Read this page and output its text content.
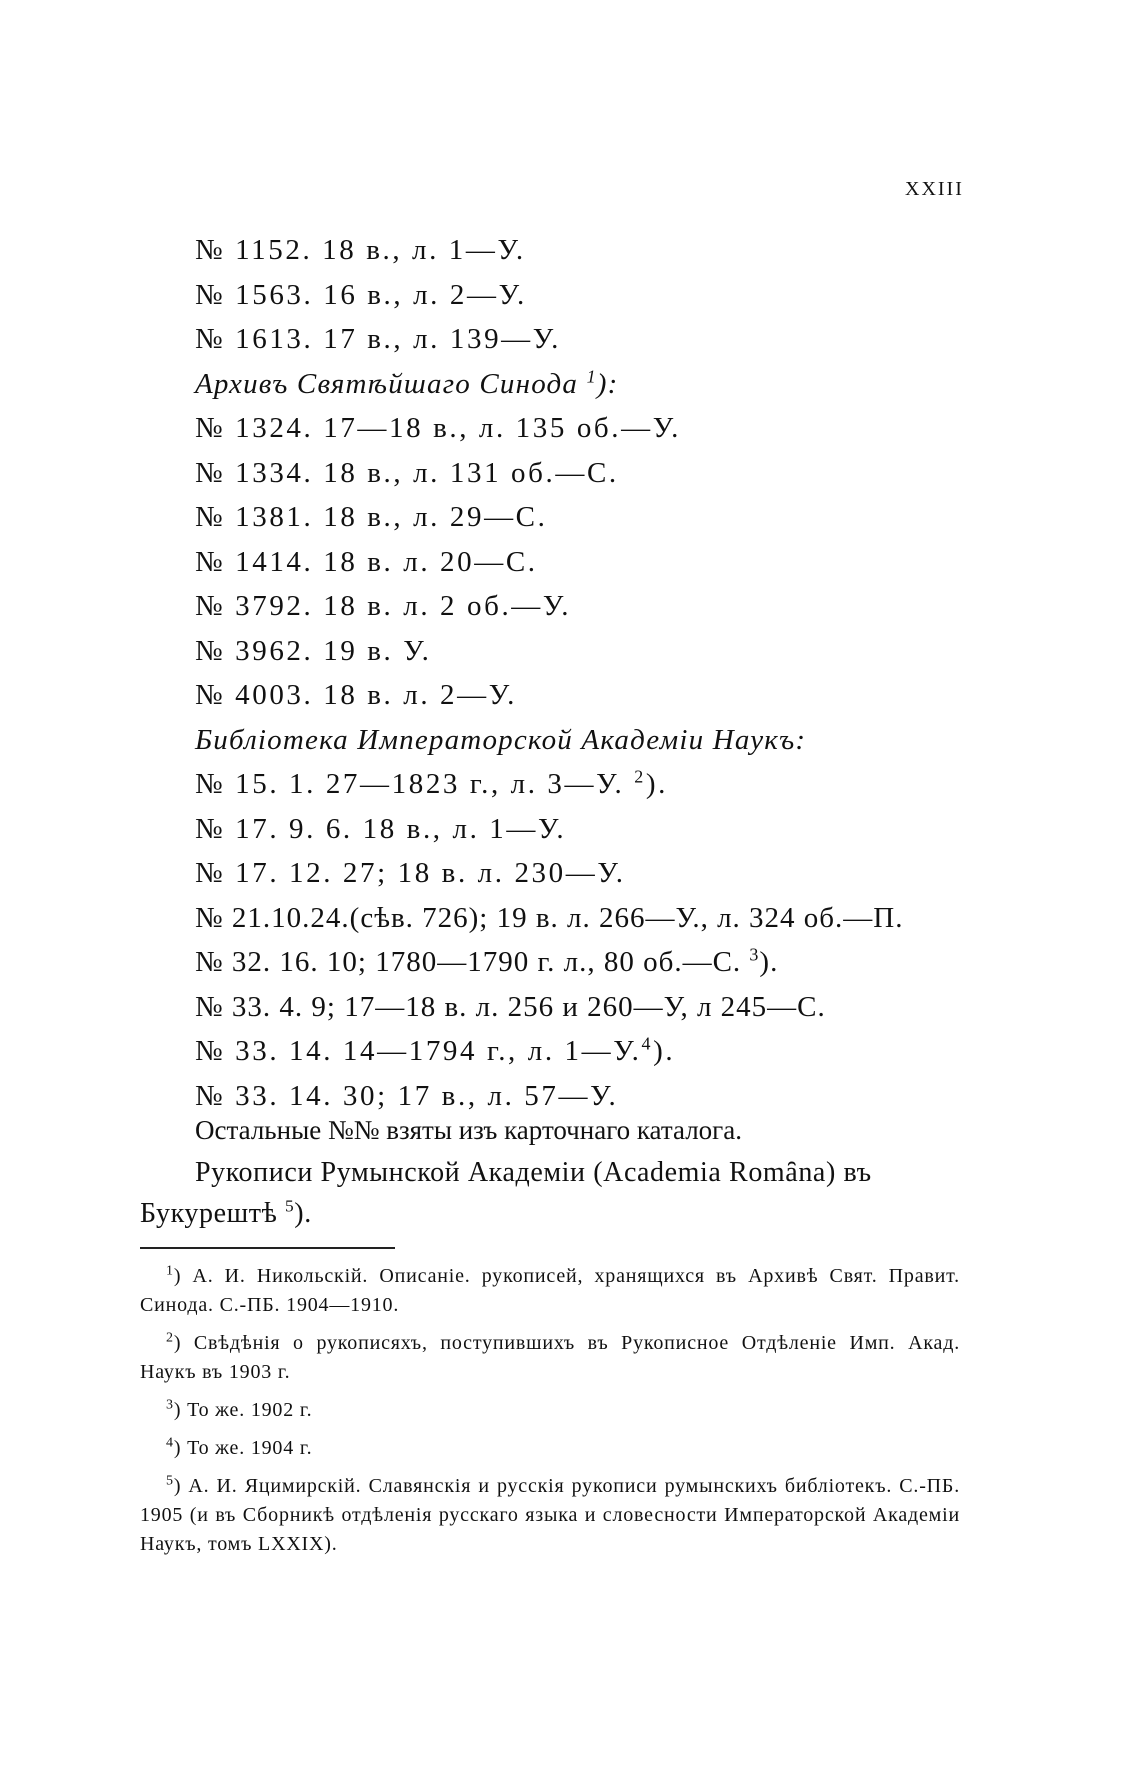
XXIII
№ 1152. 18 в., л. 1—У.
№ 1563. 16 в., л. 2—У.
№ 1613. 17 в., л. 139—У.
Архивъ Святѣйшаго Синода $^1$):
№ 1324. 17—18 в., л. 135 об.—У.
№ 1334. 18 в., л. 131 об.—С.
№ 1381. 18 в., л. 29—С.
№ 1414. 18 в. л. 20—С.
№ 3792. 18 в. л. 2 об.—У.
№ 3962. 19 в. У.
№ 4003. 18 в. л. 2—У.
Библіотека Императорской Академіи Наукъ:
№ 15. 1. 27—1823 г., л. 3—У. $^2$).
№ 17. 9. 6. 18 в., л. 1—У.
№ 17. 12. 27; 18 в. л. 230—У.
№ 21.10.24.(сѣв. 726); 19 в. л. 266—У., л. 324 об.—П.
№ 32. 16. 10; 1780—1790 г. л., 80 об.—С. $^3$).
№ 33. 4. 9; 17—18 в. л. 256 и 260—У, л 245—С.
№ 33. 14. 14—1794 г., л. 1—У.$^4$).
№ 33. 14. 30; 17 в., л. 57—У.
Остальные №№ взяты изъ карточнаго каталога.
Рукописи Румынской Академіи (Academia Romȃna) въ Букурештѣ $^5$).
$^1$) А. И. Никольскій. Описаніе. рукописей, хранящихся въ Архивѣ Свят. Правит. Синода. С.-ПБ. 1904—1910.
$^2$) Свѣдѣнія о рукописяхъ, поступившихъ въ Рукописное Отдѣленіе Имп. Акад. Наукъ въ 1903 г.
$^3$) То же. 1902 г.
$^4$) То же. 1904 г.
$^5$) А. И. Яцимирскій. Славянскія и русскія рукописи румынскихъ библіотекъ. С.-ПБ. 1905 (и въ Сборникѣ отдѣленія русскаго языка и словесности Императорской Академіи Наукъ, томъ LXXIX).
